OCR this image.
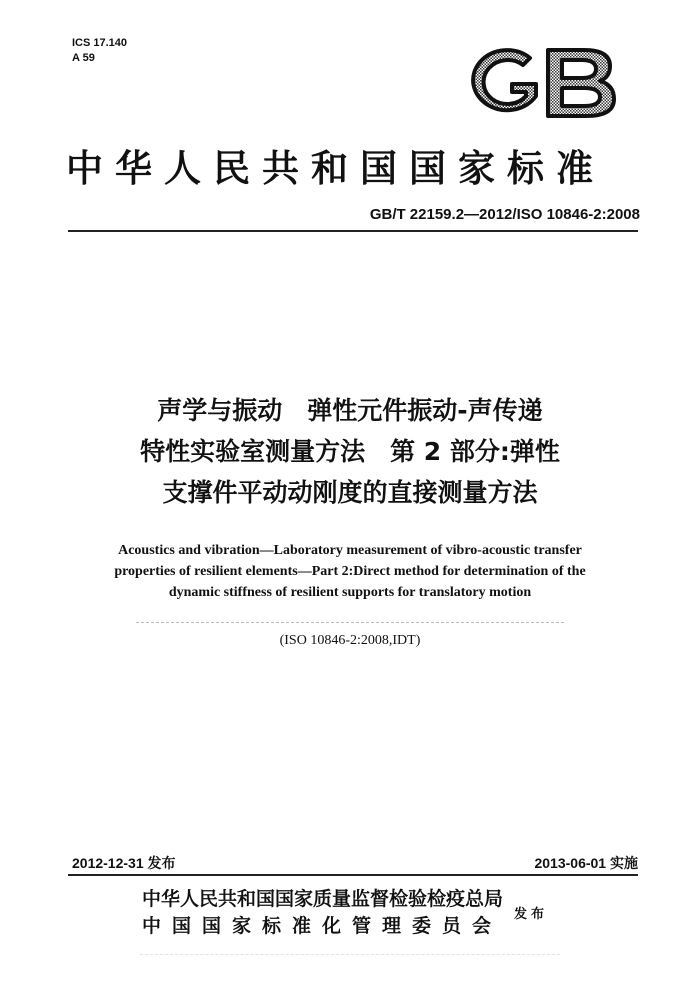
ICS 17.140
A 59
中华人民共和国国家标准
GB/T 22159.2—2012/ISO 10846-2:2008
声学与振动　弹性元件振动-声传递
特性实验室测量方法　第 2 部分:弹性
支撑件平动动刚度的直接测量方法
Acoustics and vibration—Laboratory measurement of vibro-acoustic transfer
properties of resilient elements—Part 2:Direct method for determination of the
dynamic stiffness of resilient supports for translatory motion
(ISO 10846-2:2008,IDT)
2012-12-31 发布	2013-06-01 实施
中华人民共和国国家质量监督检验检疫总局
中国国家标准化管理委员会
发布
